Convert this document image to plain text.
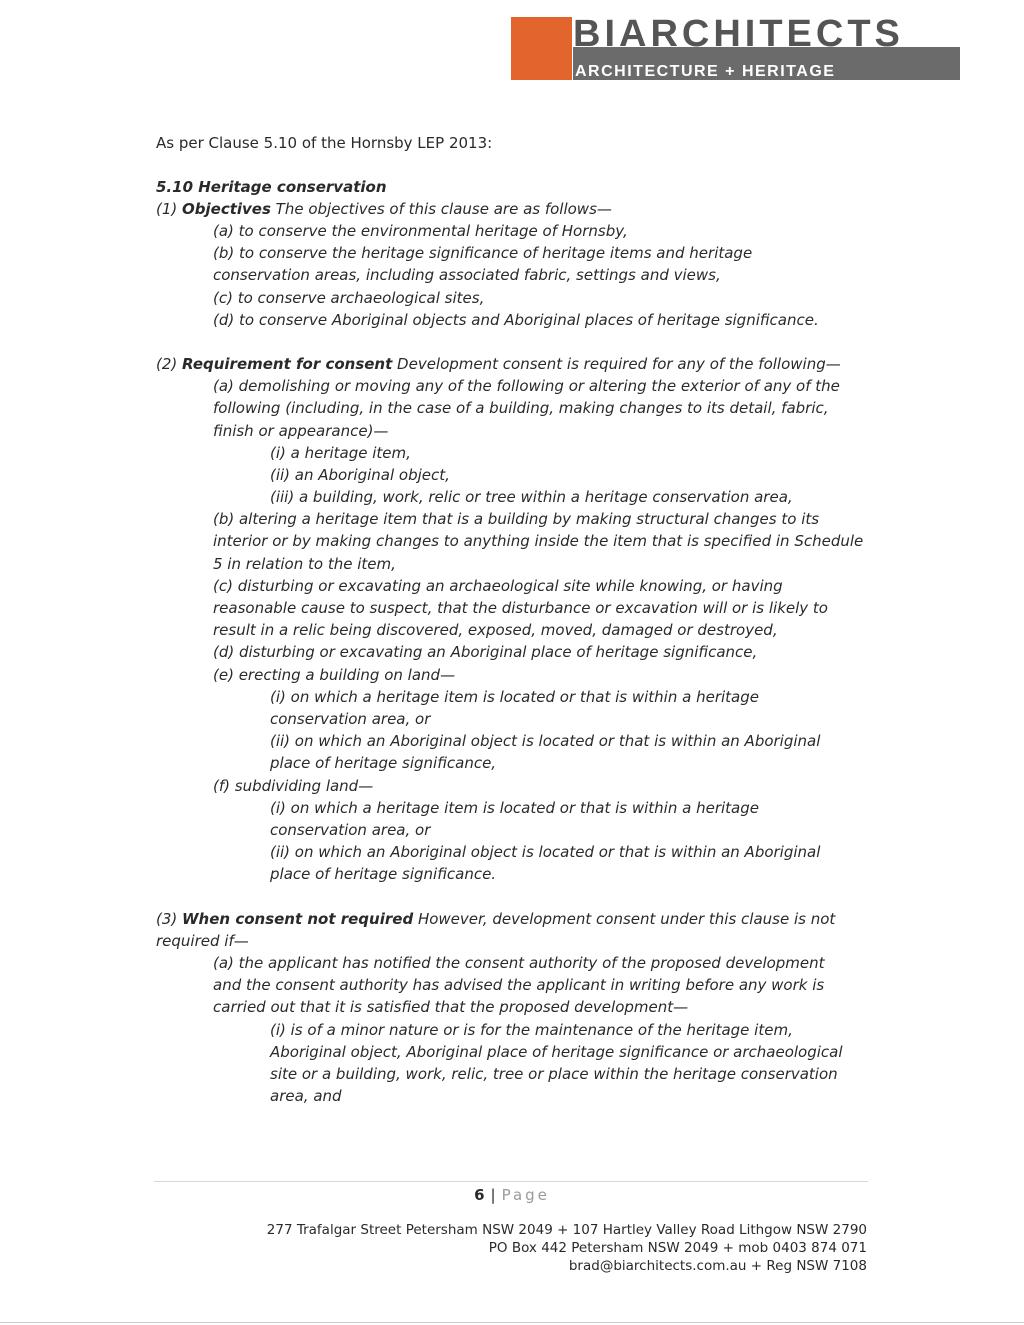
BIARCHITECTS
ARCHITECTURE + HERITAGE
As per Clause 5.10 of the Hornsby LEP 2013:
5.10 Heritage conservation
(1) Objectives The objectives of this clause are as follows—
(a) to conserve the environmental heritage of Hornsby,
(b) to conserve the heritage significance of heritage items and heritage
conservation areas, including associated fabric, settings and views,
(c) to conserve archaeological sites,
(d) to conserve Aboriginal objects and Aboriginal places of heritage significance.
(2) Requirement for consent Development consent is required for any of the following—
(a) demolishing or moving any of the following or altering the exterior of any of the
following (including, in the case of a building, making changes to its detail, fabric,
finish or appearance)—
(i) a heritage item,
(ii) an Aboriginal object,
(iii) a building, work, relic or tree within a heritage conservation area,
(b) altering a heritage item that is a building by making structural changes to its
interior or by making changes to anything inside the item that is specified in Schedule
5 in relation to the item,
(c) disturbing or excavating an archaeological site while knowing, or having
reasonable cause to suspect, that the disturbance or excavation will or is likely to
result in a relic being discovered, exposed, moved, damaged or destroyed,
(d) disturbing or excavating an Aboriginal place of heritage significance,
(e) erecting a building on land—
(i) on which a heritage item is located or that is within a heritage
conservation area, or
(ii) on which an Aboriginal object is located or that is within an Aboriginal
place of heritage significance,
(f) subdividing land—
(i) on which a heritage item is located or that is within a heritage
conservation area, or
(ii) on which an Aboriginal object is located or that is within an Aboriginal
place of heritage significance.
(3) When consent not required However, development consent under this clause is not
required if—
(a) the applicant has notified the consent authority of the proposed development
and the consent authority has advised the applicant in writing before any work is
carried out that it is satisfied that the proposed development—
(i) is of a minor nature or is for the maintenance of the heritage item,
Aboriginal object, Aboriginal place of heritage significance or archaeological
site or a building, work, relic, tree or place within the heritage conservation
area, and
6 | Page
277 Trafalgar Street Petersham NSW 2049 + 107 Hartley Valley Road Lithgow NSW 2790
PO Box 442 Petersham NSW 2049 + mob 0403 874 071
brad@biarchitects.com.au + Reg NSW 7108
